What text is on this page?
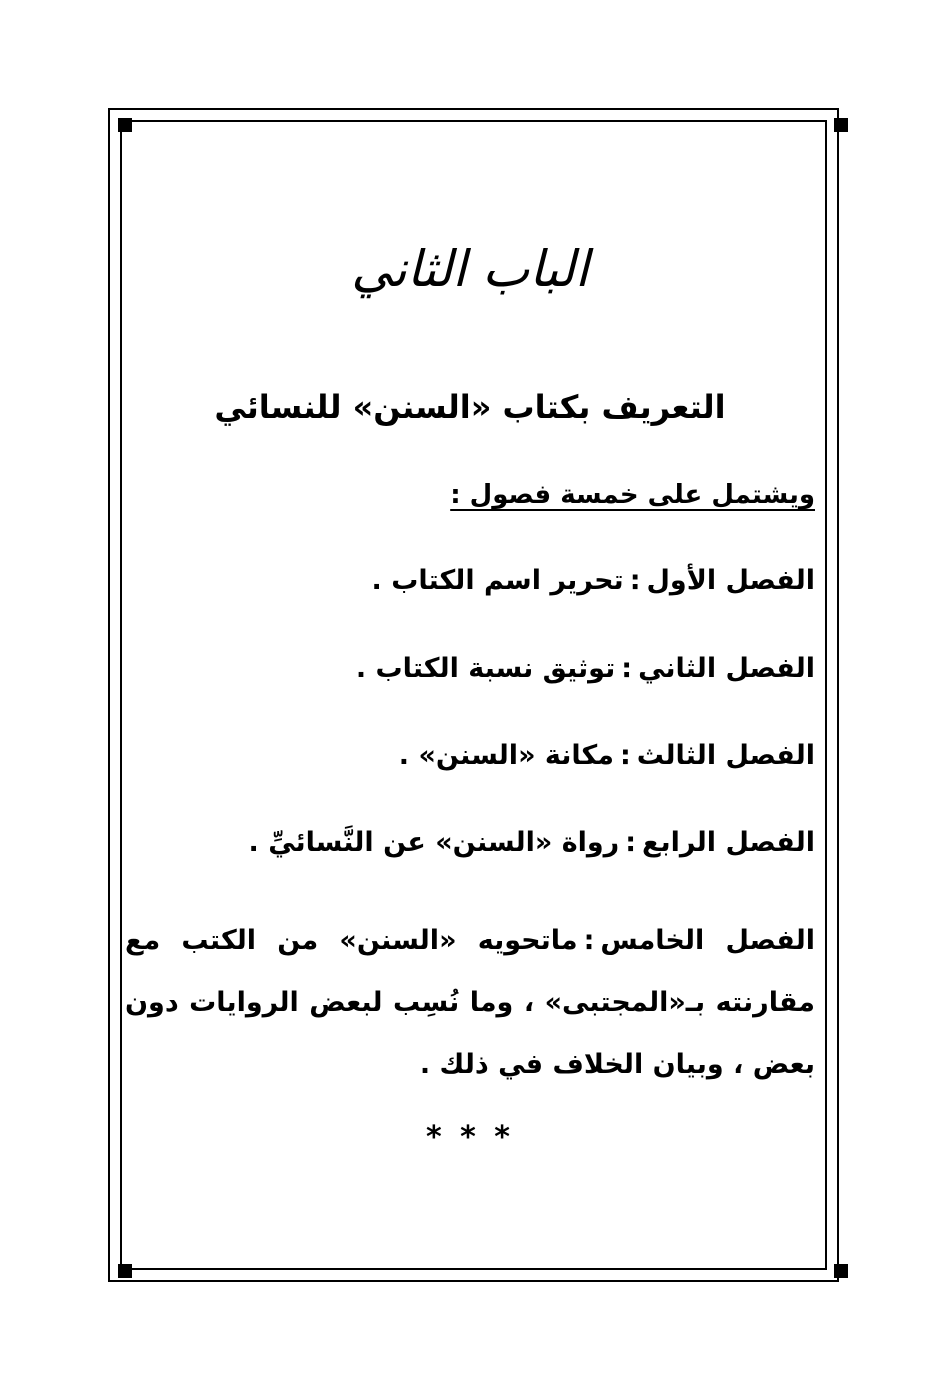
الباب الثاني
التعريف بكتاب «السنن» للنسائي

ويشتمل على خمسة فصول :

الفصل الأول:تحرير اسم الكتاب .

الفصل الثاني:توثيق نسبة الكتاب .

الفصل الثالث:مكانة «السنن» .

الفصل الرابع:رواة «السنن» عن النَّسائيِّ .

الفصل الخامس:ماتحويه «السنن» من الكتب مع مقارنته بـ«المجتبى» ، وما نُسِب لبعض الروايات دون بعض ، وبيان الخلاف في ذلك .

* * *
